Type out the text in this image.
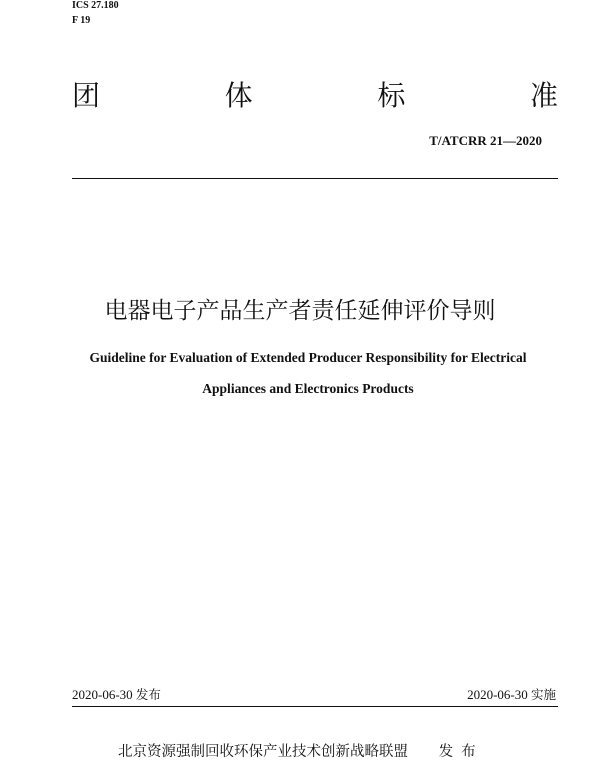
ICS 27.180
F 19
团	体	标	准
T/ATCRR 21—2020
电器电子产品生产者责任延伸评价导则
Guideline for Evaluation of Extended Producer Responsibility for Electrical
Appliances and Electronics Products
2020-06-30 发布	2020-06-30 实施
北京资源强制回收环保产业技术创新战略联盟 发布
